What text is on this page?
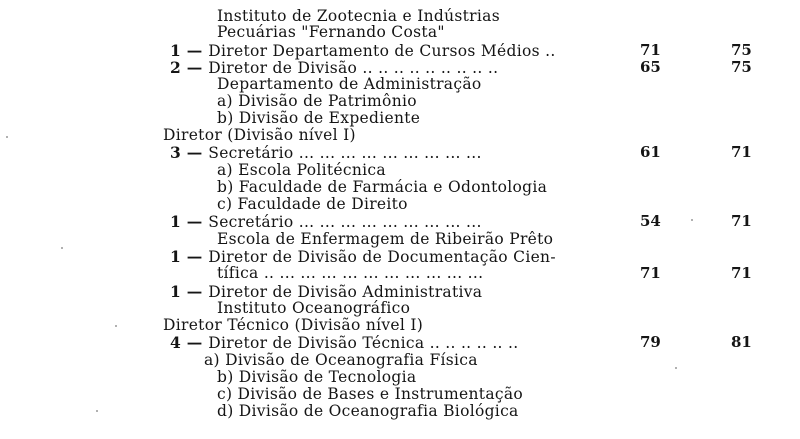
Instituto de Zootecnia e Indústrias
Pecuárias "Fernando Costa"
1 — Diretor Departamento de Cursos Médios ..	71	75
2 — Diretor de Divisão .. .. .. .. .. .. .. .. ..	65	75
Departamento de Administração
a) Divisão de Patrimônio
b) Divisão de Expediente
Diretor (Divisão nível I)
3 — Secretário ... ... ... ... ... ... ... ... ...	61	71
a) Escola Politécnica
b) Faculdade de Farmácia e Odontologia
c) Faculdade de Direito
1 — Secretário ... ... ... ... ... ... ... ... ...	54	71
Escola de Enfermagem de Ribeirão Prêto
1 — Diretor de Divisão de Documentação Cien-
tífica .. ... ... ... ... ... ... ... ... ... ...	71	71
1 — Diretor de Divisão Administrativa
Instituto Oceanográfico
Diretor Técnico (Divisão nível I)
4 — Diretor de Divisão Técnica .. .. .. .. .. ..	79	81
a) Divisão de Oceanografia Física
b) Divisão de Tecnologia
c) Divisão de Bases e Instrumentação
d) Divisão de Oceanografia Biológica
